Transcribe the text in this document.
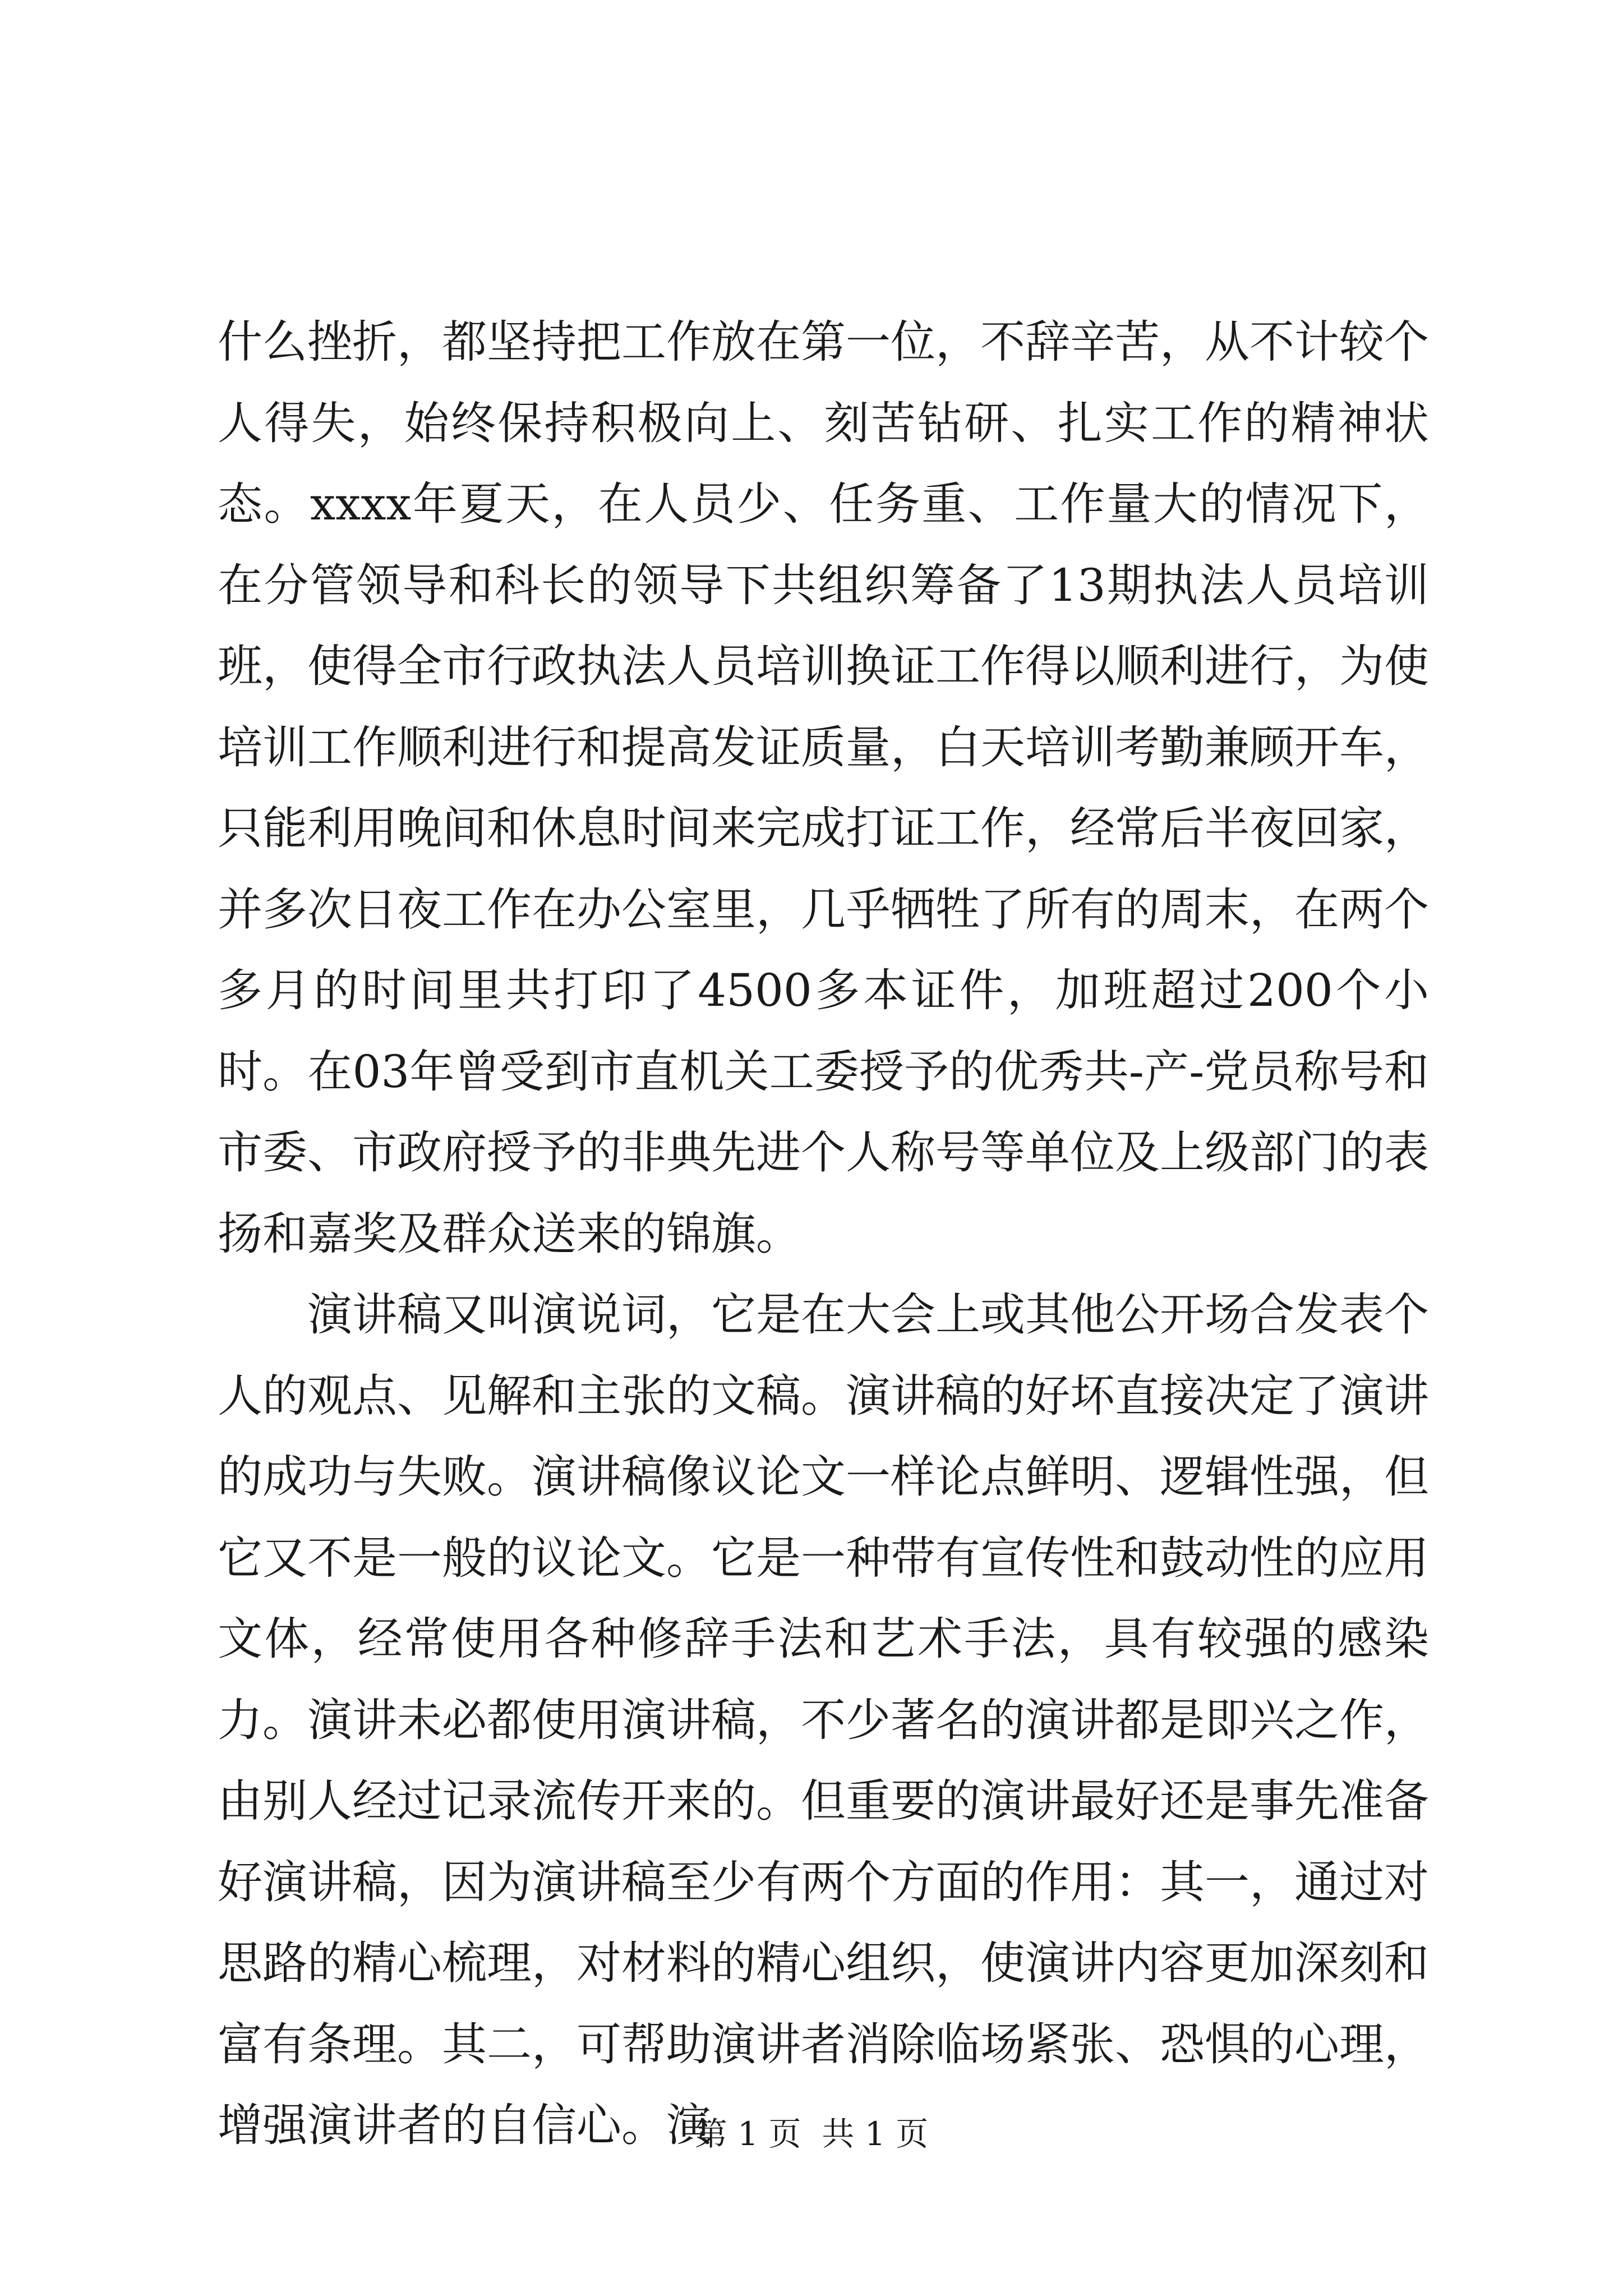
什么挫折，都坚持把工作放在第一位，不辞辛苦，从不计较个人得失，始终保持积极向上、刻苦钻研、扎实工作的精神状态。xxxx年夏天，在人员少、任务重、工作量大的情况下，在分管领导和科长的领导下共组织筹备了13期执法人员培训班，使得全市行政执法人员培训换证工作得以顺利进行，为使培训工作顺利进行和提高发证质量，白天培训考勤兼顾开车，只能利用晚间和休息时间来完成打证工作，经常后半夜回家，并多次日夜工作在办公室里，几乎牺牲了所有的周末，在两个多月的时间里共打印了4500多本证件，加班超过200个小时。在03年曾受到市直机关工委授予的优秀共-产-党员称号和市委、市政府授予的非典先进个人称号等单位及上级部门的表扬和嘉奖及群众送来的锦旗。

演讲稿又叫演说词，它是在大会上或其他公开场合发表个人的观点、见解和主张的文稿。演讲稿的好坏直接决定了演讲的成功与失败。演讲稿像议论文一样论点鲜明、逻辑性强，但它又不是一般的议论文。它是一种带有宣传性和鼓动性的应用文体，经常使用各种修辞手法和艺术手法，具有较强的感染力。演讲未必都使用演讲稿，不少著名的演讲都是即兴之作，由别人经过记录流传开来的。但重要的演讲最好还是事先准备好演讲稿，因为演讲稿至少有两个方面的作用：其一，通过对思路的精心梳理，对材料的精心组织，使演讲内容更加深刻和富有条理。其二，可帮助演讲者消除临场紧张、恐惧的心理，增强演讲者的自信心。演

第 1 页  共 1 页
